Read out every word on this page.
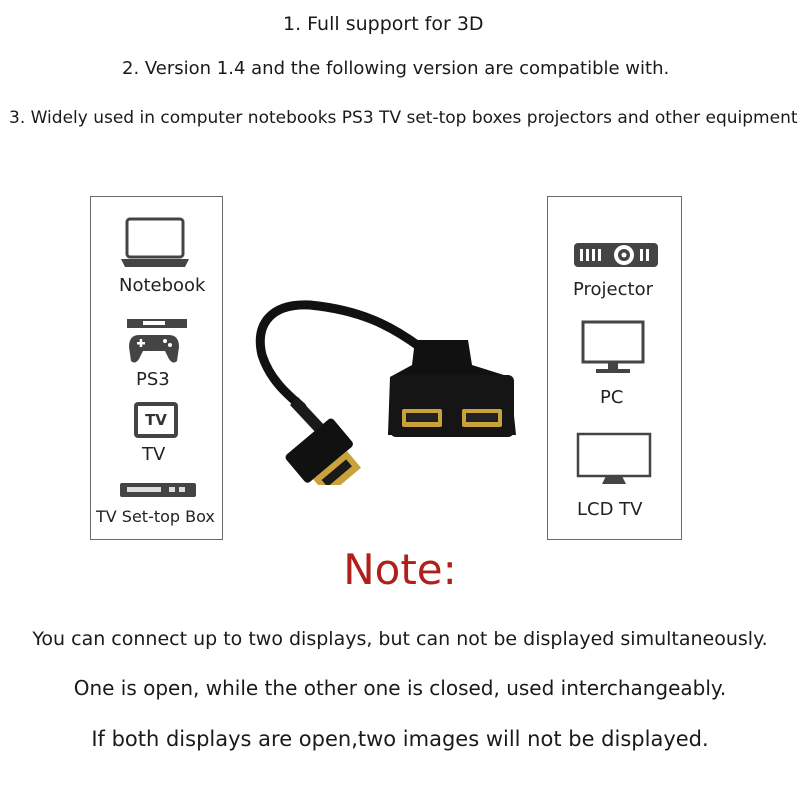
1. Full support for 3D
2. Version 1.4 and the following version are compatible with.
3. Widely used in computer notebooks PS3 TV set-top boxes projectors and other equipment
Notebook
PS3
TV
TV
TV Set-top Box
Projector
PC
LCD TV
Note:
You can connect up to two displays, but can not be displayed simultaneously.
One is open, while the other one is closed, used interchangeably.
If both displays are open,two images will not be displayed.
